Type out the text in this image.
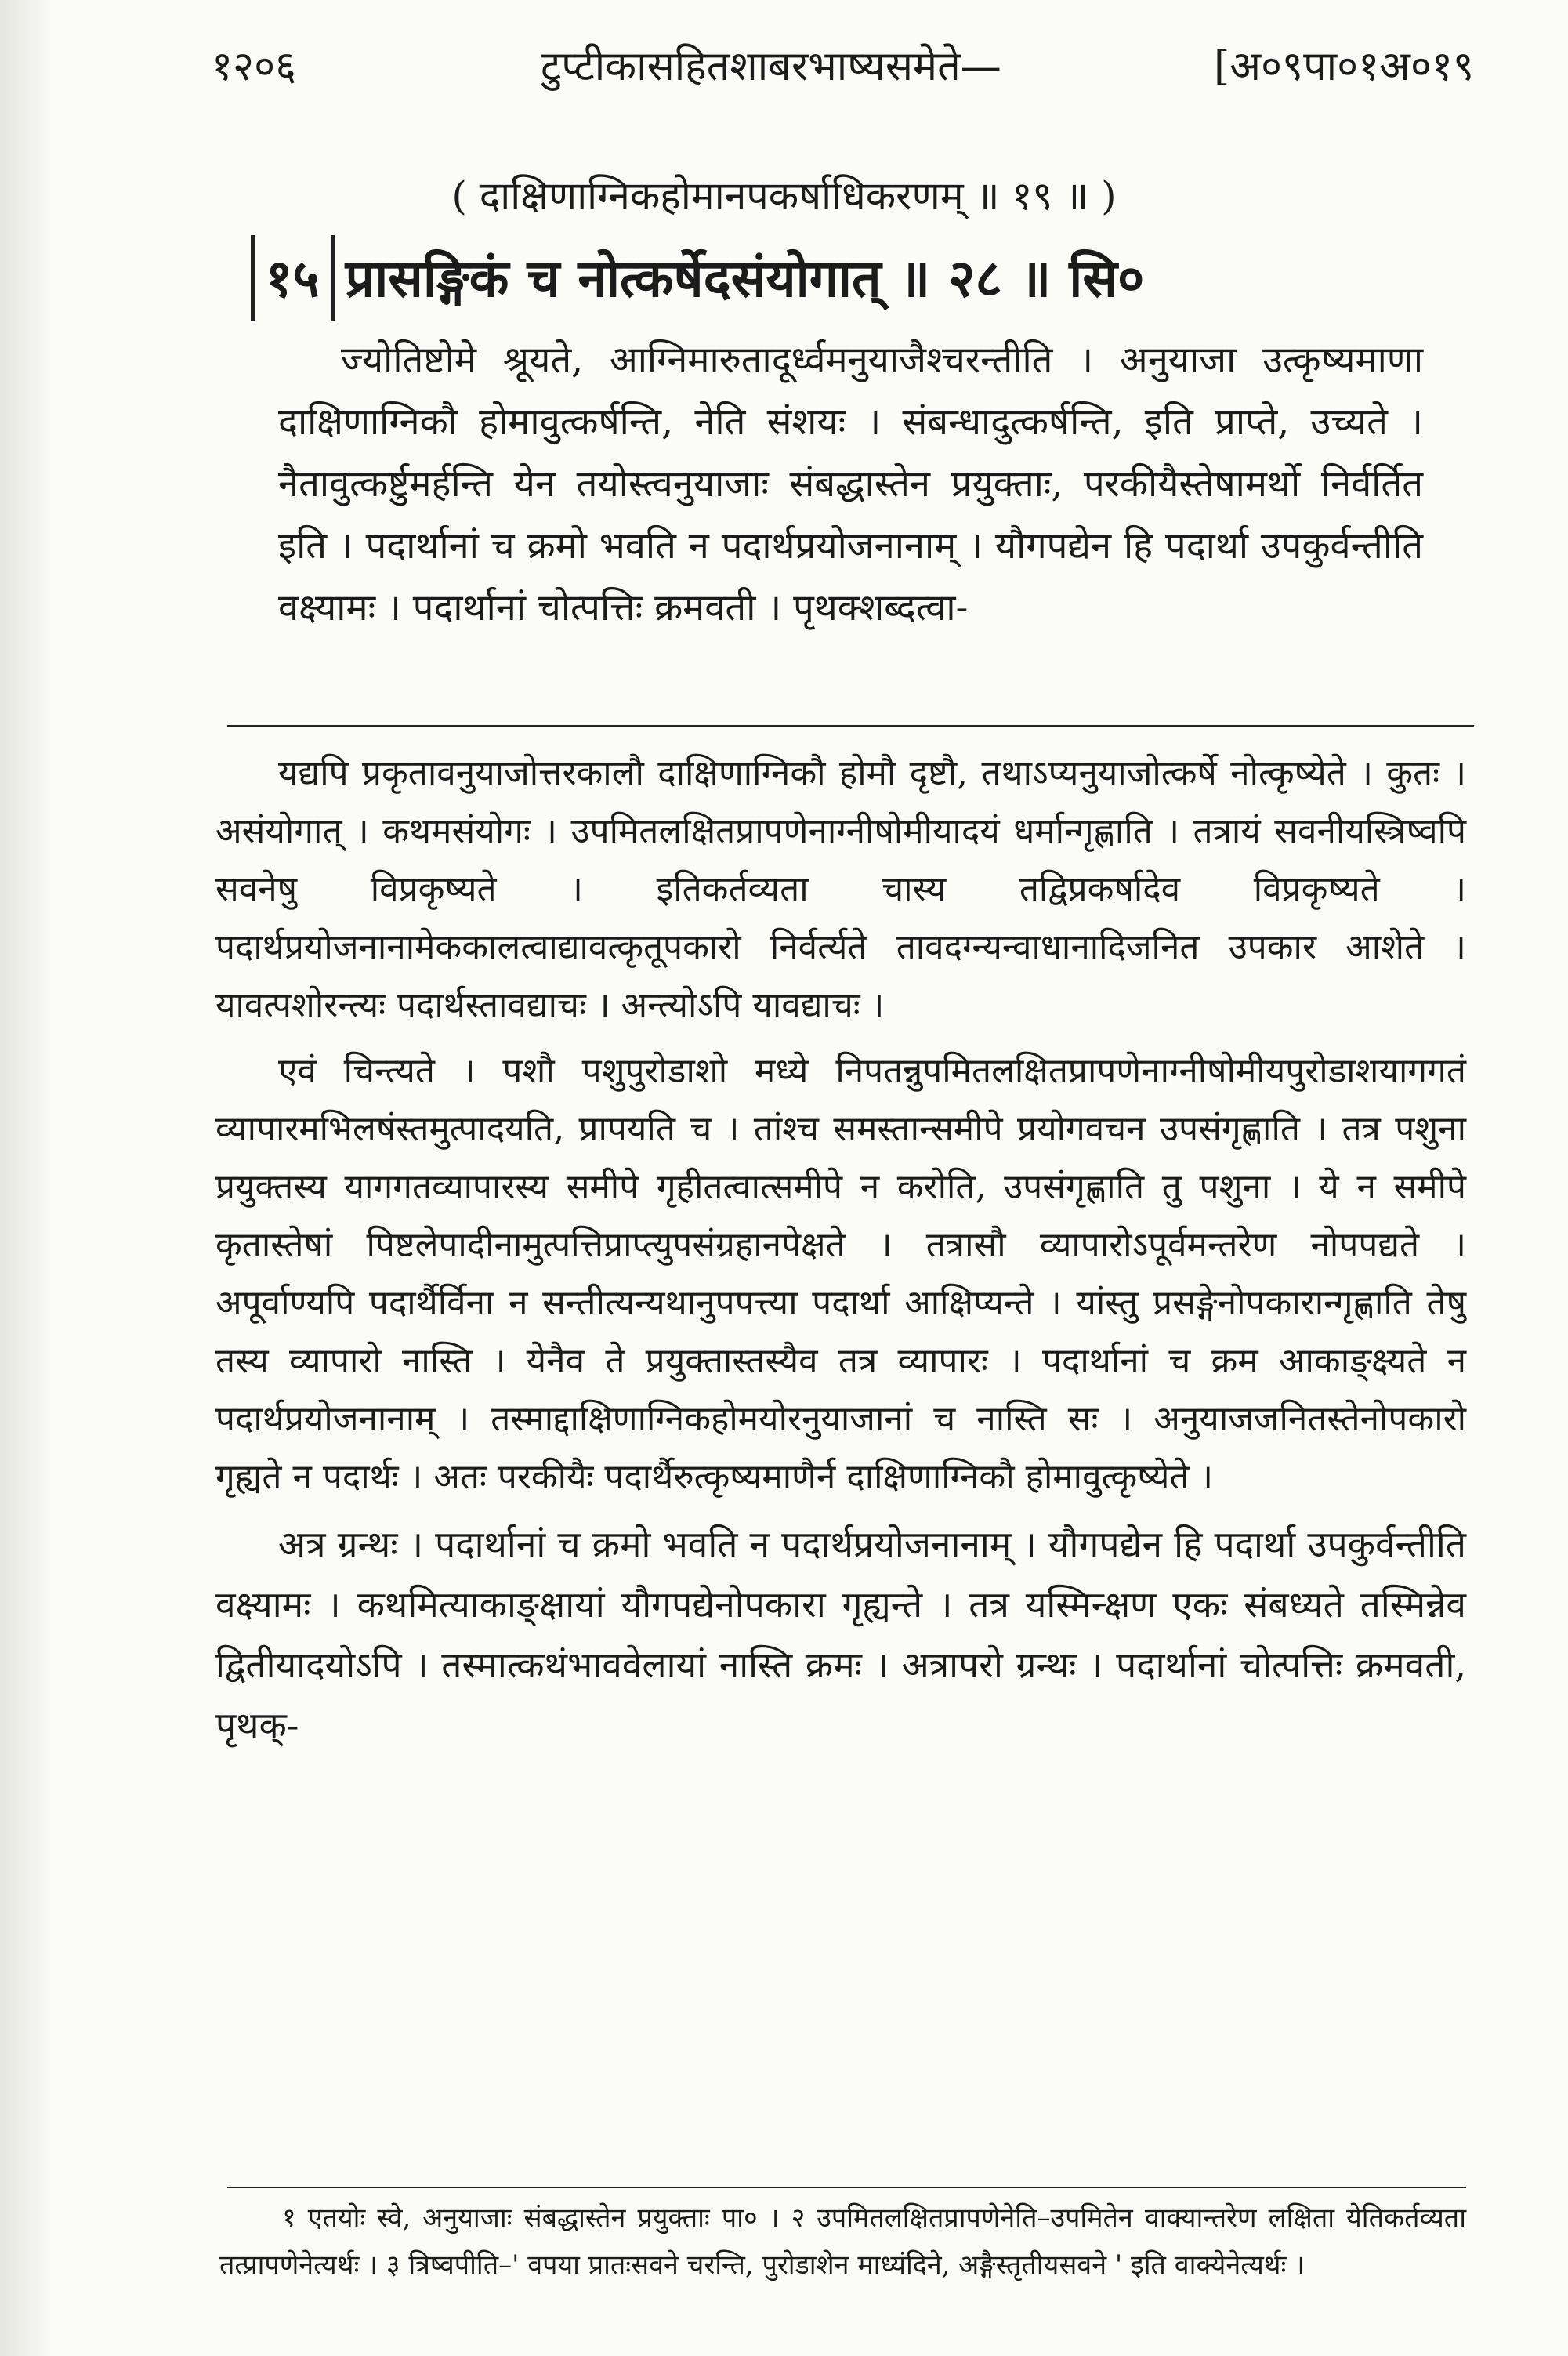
१२०६	टुप्टीकासहितशाबरभाष्यसमेते—	[अ०९पा०१अ०१९
( दाक्षिणाग्निकहोमानपकर्षाधिकरणम् ॥ १९ ॥ )
१५ प्रासङ्गिकं च नोत्कर्षेदसंयोगात् ॥ २८ ॥ सि०

ज्योतिष्टोमे श्रूयते, आग्निमारुतादूर्ध्वमनुयाजैश्चरन्तीति । अनुयाजा उत्कृष्यमाणा दाक्षिणाग्निकौ होमावुत्कर्षन्ति, नेति संशयः । संबन्धादुत्कर्षन्ति, इति प्राप्ते, उच्यते । नैतावुत्कर्ष्टुमर्हन्ति येन तयोस्त्वनुयाजाः संबद्धास्तेन प्रयुक्ताः, परकीयैस्तेषामर्थो निर्वर्तित इति । पदार्थानां च क्रमो भवति न पदार्थप्रयोजनानाम् । यौगपद्येन हि पदार्था उपकुर्वन्तीति वक्ष्यामः । पदार्थानां चोत्पत्तिः क्रमवती । पृथक्शब्दत्वा-

यद्यपि प्रकृतावनुयाजोत्तरकालौ दाक्षिणाग्निकौ होमौ दृष्टौ, तथाऽप्यनुयाजोत्कर्षे नोत्कृष्येते । कुतः । असंयोगात् । कथमसंयोगः । उपमितलक्षितप्रापणेनाग्नीषोमीयादयं धर्मान्गृह्णाति । तत्रायं सवनीयस्त्रिष्वपि सवनेषु विप्रकृष्यते । इतिकर्तव्यता चास्य तद्विप्रकर्षादेव विप्रकृष्यते । पदार्थप्रयोजनानामेककालत्वाद्यावत्कृतूपकारो निर्वर्त्यते तावदग्न्यन्वाधानादिजनित उपकार आशेते । यावत्पशोरन्त्यः पदार्थस्तावद्याचः । अन्त्योऽपि यावद्याचः ।

एवं चिन्त्यते । पशौ पशुपुरोडाशो मध्ये निपतन्नुपमितलक्षितप्रापणेनाग्नीषोमीयपुरोडाशयागगतं व्यापारमभिलषंस्तमुत्पादयति, प्रापयति च । तांश्च समस्तान्समीपे प्रयोगवचन उपसंगृह्णाति । तत्र पशुना प्रयुक्तस्य यागगतव्यापारस्य समीपे गृहीतत्वात्समीपे न करोति, उपसंगृह्णाति तु पशुना । ये न समीपे कृतास्तेषां पिष्टलेपादीनामुत्पत्तिप्राप्त्युपसंग्रहानपेक्षते । तत्रासौ व्यापारोऽपूर्वमन्तरेण नोपपद्यते । अपूर्वाण्यपि पदार्थैर्विना न सन्तीत्यन्यथानुपपत्त्या पदार्था आक्षिप्यन्ते । यांस्तु प्रसङ्गेनोपकारान्गृह्णाति तेषु तस्य व्यापारो नास्ति । येनैव ते प्रयुक्तास्तस्यैव तत्र व्यापारः । पदार्थानां च क्रम आकाङ्क्ष्यते न पदार्थप्रयोजनानाम् । तस्माद्दाक्षिणाग्निकहोमयोरनुयाजानां च नास्ति सः । अनुयाजजनितस्तेनोपकारो गृह्यते न पदार्थः । अतः परकीयैः पदार्थैरुत्कृष्यमाणैर्न दाक्षिणाग्निकौ होमावुत्कृष्येते ।

अत्र ग्रन्थः । पदार्थानां च क्रमो भवति न पदार्थप्रयोजनानाम् । यौगपद्येन हि पदार्था उपकुर्वन्तीति वक्ष्यामः । कथमित्याकाङ्क्षायां यौगपद्येनोपकारा गृह्यन्ते । तत्र यस्मिन्क्षण एकः संबध्यते तस्मिन्नेव द्वितीयादयोऽपि । तस्मात्कथंभाववेलायां नास्ति क्रमः । अत्रापरो ग्रन्थः । पदार्थानां चोत्पत्तिः क्रमवती, पृथक्-

१ एतयोः स्वे, अनुयाजाः संबद्धास्तेन प्रयुक्ताः पा० । २ उपमितलक्षितप्रापणेनेति–उपमितेन वाक्यान्तरेण लक्षिता येतिकर्तव्यता तत्प्रापणेनेत्यर्थः । ३ त्रिष्वपीति–' वपया प्रातःसवने चरन्ति, पुरोडाशेन माध्यंदिने, अङ्गैस्तृतीयसवने ' इति वाक्येनेत्यर्थः ।
